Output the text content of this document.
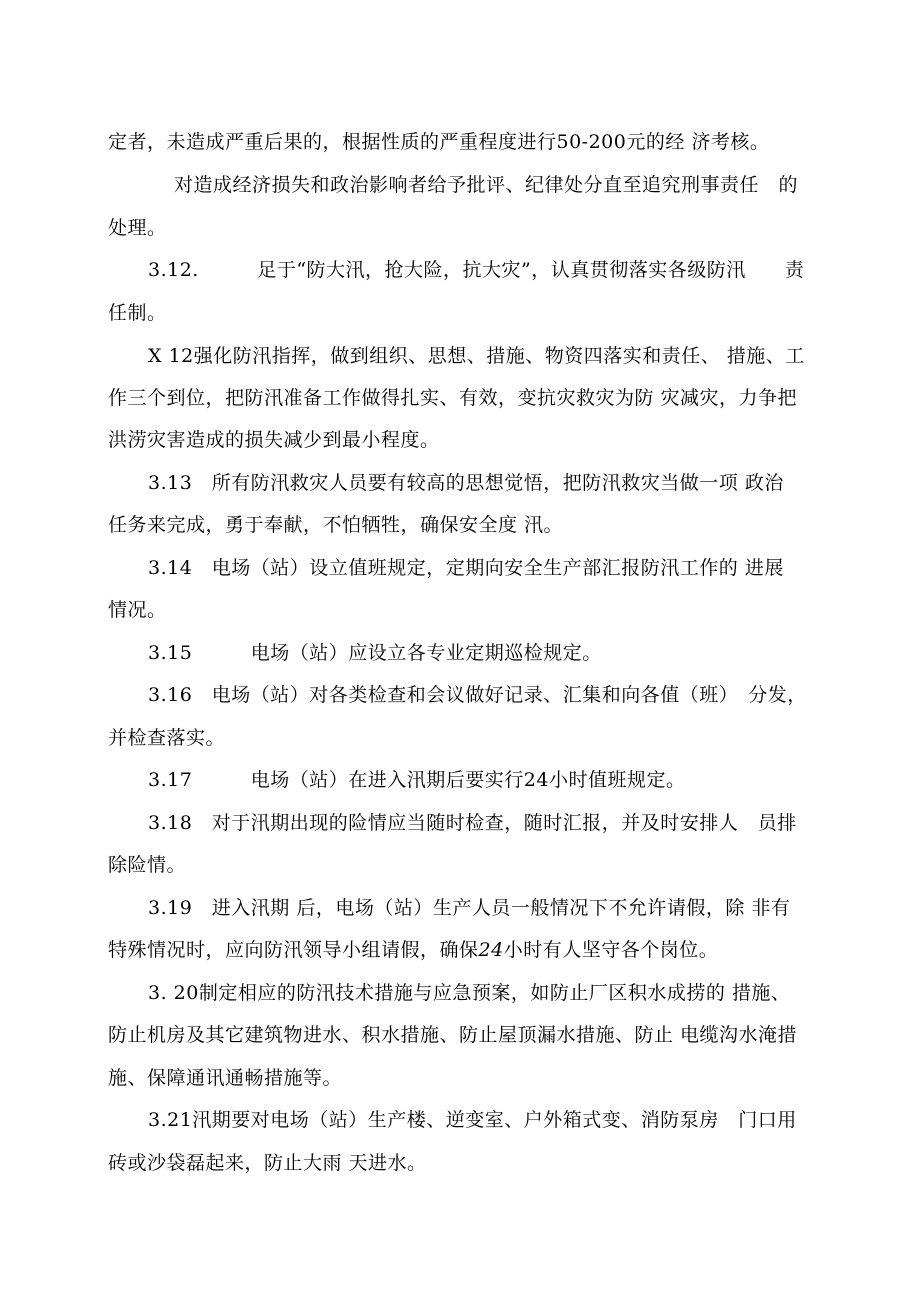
定者，未造成严重后果的，根据性质的严重程度进行50-200元的经 济考核。
对造成经济损失和政治影响者给予批评、纪律处分直至追究刑事责任　的
处理。
3.12.　　　足于“防大汛，抢大险，抗大灾”，认真贯彻落实各级防汛　　责
任制。
X 12强化防汛指挥，做到组织、思想、措施、物资四落实和责任、 措施、工
作三个到位，把防汛准备工作做得扎实、有效，变抗灾救灾为防 灾减灾，力争把
洪涝灾害造成的损失减少到最小程度。
3.13　所有防汛救灾人员要有较高的思想觉悟，把防汛救灾当做一项 政治
任务来完成，勇于奉献，不怕牺牲，确保安全度 汛。
3.14　电场（站）设立值班规定，定期向安全生产部汇报防汛工作的 进展
情况。
3.15　　　电场（站）应设立各专业定期巡检规定。
3.16　电场（站）对各类检查和会议做好记录、汇集和向各值（班）　分发，
并检查落实。
3.17　　　电场（站）在进入汛期后要实行24小时值班规定。
3.18　对于汛期出现的险情应当随时检查，随时汇报，并及时安排人　员排
除险情。
3.19　进入汛期 后，电场（站）生产人员一般情况下不允许请假，除 非有
特殊情况时，应向防汛领导小组请假，确保24小时有人坚守各个岗位。
3. 20制定相应的防汛技术措施与应急预案，如防止厂区积水成捞的 措施、
防止机房及其它建筑物进水、积水措施、防止屋顶漏水措施、防止 电缆沟水淹措
施、保障通讯通畅措施等。
3.21汛期要对电场（站）生产楼、逆变室、户外箱式变、消防泵房　门口用
砖或沙袋磊起来，防止大雨 天进水。
